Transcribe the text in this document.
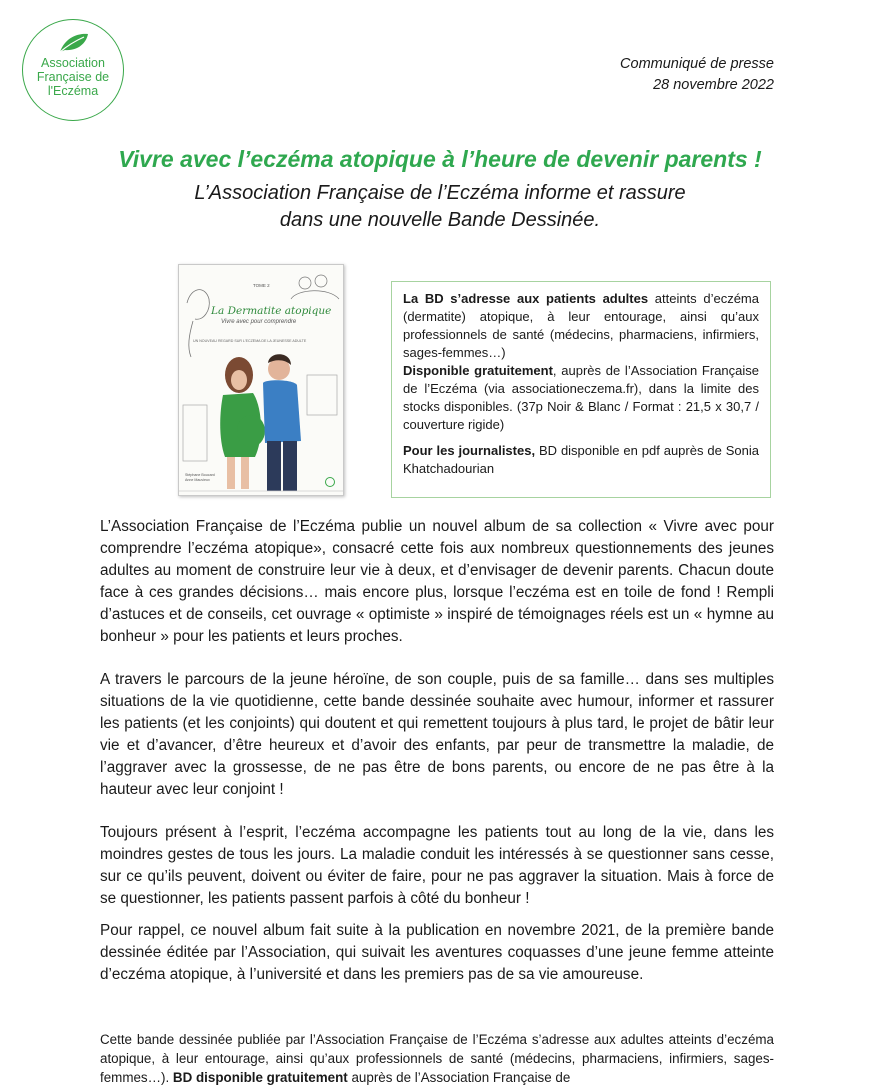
Association
Française de
l'Eczéma
Communiqué de presse
28 novembre 2022
Vivre avec l’eczéma atopique à l’heure de devenir parents !
L’Association Française de l’Eczéma informe et rassure
dans une nouvelle Bande Dessinée.
TOME 2
La Dermatite atopique
Vivre avec pour comprendre
UN NOUVEAU REGARD SUR L'ECZÉMA DE LA JEUNESSE ADULTE
Stéphane Boucard
Anne Mauvieux

La BD s’adresse aux patients adultes atteints d’eczéma (dermatite) atopique, à leur entourage, ainsi qu’aux professionnels de santé (médecins, pharmaciens, infirmiers, sages-femmes…)

Disponible gratuitement, auprès de l’Association Française de l’Eczéma (via associationeczema.fr), dans la limite des stocks disponibles. (37p Noir & Blanc / Format : 21,5 x 30,7 / couverture rigide)

Pour les journalistes, BD disponible en pdf auprès de Sonia Khatchadourian

L’Association Française de l’Eczéma publie un nouvel album de sa collection « Vivre avec pour comprendre l’eczéma atopique», consacré cette fois aux nombreux questionnements des jeunes adultes au moment de construire leur vie à deux, et d’envisager de devenir parents. Chacun doute face à ces grandes décisions… mais encore plus, lorsque l’eczéma est en toile de fond ! Rempli d’astuces et de conseils, cet ouvrage « optimiste » inspiré de témoignages réels est un « hymne au bonheur » pour les patients et leurs proches.

A travers le parcours de la jeune héroïne, de son couple, puis de sa famille… dans ses multiples situations de la vie quotidienne, cette bande dessinée souhaite avec humour, informer et rassurer les patients (et les conjoints) qui doutent et qui remettent toujours à plus tard, le projet de bâtir leur vie et d’avancer, d’être heureux et d’avoir des enfants, par peur de transmettre la maladie, de l’aggraver avec la grossesse, de ne pas être de bons parents, ou encore de ne pas être à la hauteur avec leur conjoint !

Toujours présent à l’esprit, l’eczéma accompagne les patients tout au long de la vie, dans les moindres gestes de tous les jours. La maladie conduit les intéressés à se questionner sans cesse, sur ce qu’ils peuvent, doivent ou éviter de faire, pour ne pas aggraver la situation. Mais à force de se questionner, les patients passent parfois à côté du bonheur !

Pour rappel, ce nouvel album fait suite à la publication en novembre 2021, de la première bande dessinée éditée par l’Association, qui suivait les aventures coquasses d’une jeune femme atteinte d’eczéma atopique, à l’université et dans les premiers pas de sa vie amoureuse.

Cette bande dessinée publiée par l’Association Française de l’Eczéma s’adresse aux adultes atteints d’eczéma atopique, à leur entourage, ainsi qu’aux professionnels de santé (médecins, pharmaciens, infirmiers, sages-femmes…). BD disponible gratuitement auprès de l’Association Française de
